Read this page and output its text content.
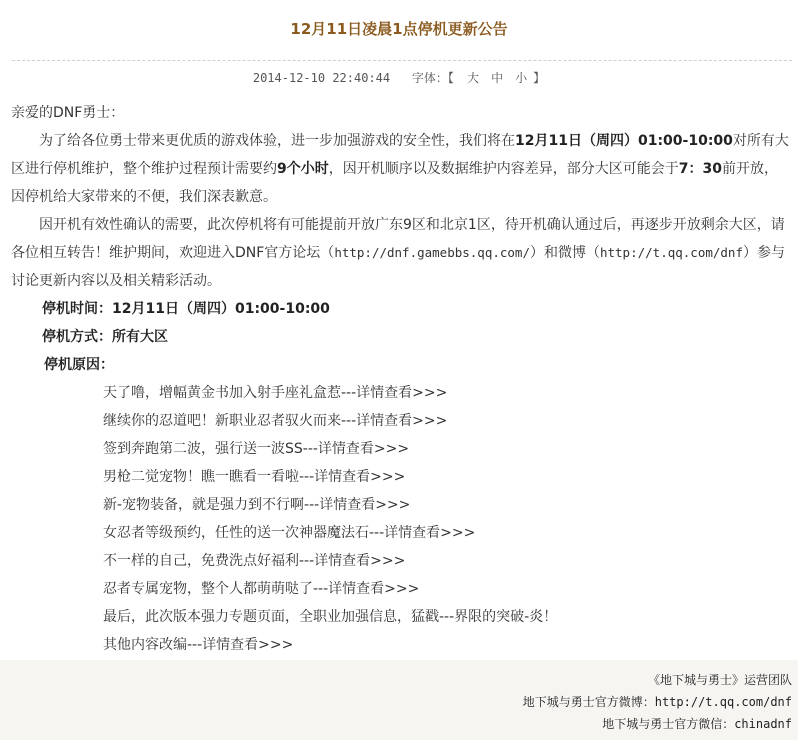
12月11日凌晨1点停机更新公告
2014-12-10 22:40:44 字体：【 大 中 小 】

亲爱的DNF勇士：

为了给各位勇士带来更优质的游戏体验，进一步加强游戏的安全性，我们将在12月11日（周四）01:00-10:00对所有大区进行停机维护，整个维护过程预计需要约9个小时，因开机顺序以及数据维护内容差异，部分大区可能会于7：30前开放，因停机给大家带来的不便，我们深表歉意。

因开机有效性确认的需要，此次停机将有可能提前开放广东9区和北京1区，待开机确认通过后，再逐步开放剩余大区，请各位相互转告！维护期间，欢迎进入DNF官方论坛（http://dnf.gamebbs.qq.com/）和微博（http://t.qq.com/dnf）参与讨论更新内容以及相关精彩活动。

停机时间：12月11日（周四）01:00-10:00

停机方式：所有大区

停机原因：

天了噜，增幅黄金书加入射手座礼盒惹---详情查看>>>
继续你的忍道吧！新职业忍者驭火而来---详情查看>>>
签到奔跑第二波，强行送一波SS---详情查看>>>
男枪二觉宠物！瞧一瞧看一看啦---详情查看>>>
新-宠物装备，就是强力到不行啊---详情查看>>>
女忍者等级预约，任性的送一次神器魔法石---详情查看>>>
不一样的自己，免费洗点好福利---详情查看>>>
忍者专属宠物，整个人都萌萌哒了---详情查看>>>
最后，此次版本强力专题页面，全职业加强信息，猛戳---界限的突破-炎！
其他内容改编---详情查看>>>
《地下城与勇士》运营团队
地下城与勇士官方微博：http://t.qq.com/dnf
地下城与勇士官方微信：chinadnf
